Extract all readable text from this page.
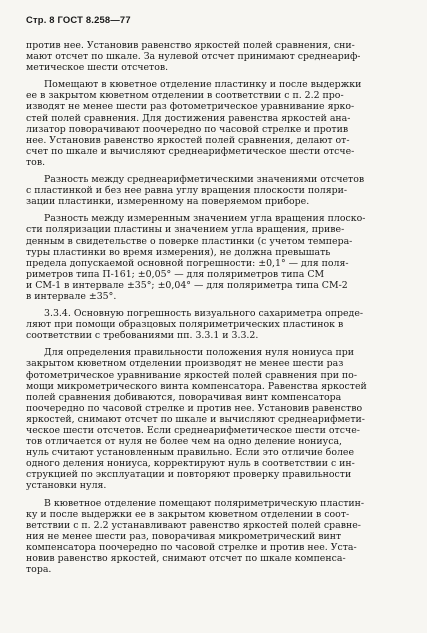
Стр. 8 ГОСТ 8.258—77
против нее. Установив равенство яркостей полей сравнения, сни-
мают отсчет по шкале. За нулевой отсчет принимают среднеариф-
метическое шести отсчетов.
Помещают в кюветное отделение пластинку и после выдержки
ее в закрытом кюветном отделении в соответствии с п. 2.2 про-
изводят не менее шести раз фотометрическое уравнивание ярко-
стей полей сравнения. Для достижения равенства яркостей ана-
лизатор поворачивают поочередно по часовой стрелке и против
нее. Установив равенство яркостей полей сравнения, делают от-
счет по шкале и вычисляют среднеарифметическое шести отсче-
тов.
Разность между среднеарифметическими значениями отсчетов
с пластинкой и без нее равна углу вращения плоскости поляри-
зации пластинки, измеренному на поверяемом приборе.
Разность между измеренным значением угла вращения плоско-
сти поляризации пластины и значением угла вращения, приве-
денным в свидетельстве о поверке пластинки (с учетом темпера-
туры пластинки во время измерения), не должна превышать
предела допускаемой основной погрешности: ±0,1° — для поля-
риметров типа П-161; ±0,05° — для поляриметров типа СМ
и СМ-1 в интервале ±35°; ±0,04° — для поляриметра типа СМ-2
в интервале ±35°.
3.3.4. Основную погрешность визуального сахариметра опреде-
ляют при помощи образцовых поляриметрических пластинок в
соответствии с требованиями пп. 3.3.1 и 3.3.2.
Для определения правильности положения нуля нониуса при
закрытом кюветном отделении производят не менее шести раз
фотометрическое уравнивание яркостей полей сравнения при по-
мощи микрометрического винта компенсатора. Равенства яркостей
полей сравнения добиваются, поворачивая винт компенсатора
поочередно по часовой стрелке и против нее. Установив равенство
яркостей, снимают отсчет по шкале и вычисляют среднеарифмети-
ческое шести отсчетов. Если среднеарифметическое шести отсче-
тов отличается от нуля не более чем на одно деление нониуса,
нуль считают установленным правильно. Если это отличие более
одного деления нониуса, корректируют нуль в соответствии с ин-
струкцией по эксплуатации и повторяют проверку правильности
установки нуля.
В кюветное отделение помещают поляриметрическую пластин-
ку и после выдержки ее в закрытом кюветном отделении в соот-
ветствии с п. 2.2 устанавливают равенство яркостей полей сравне-
ния не менее шести раз, поворачивая микрометрический винт
компенсатора поочередно по часовой стрелке и против нее. Уста-
новив равенство яркостей, снимают отсчет по шкале компенса-
тора.
